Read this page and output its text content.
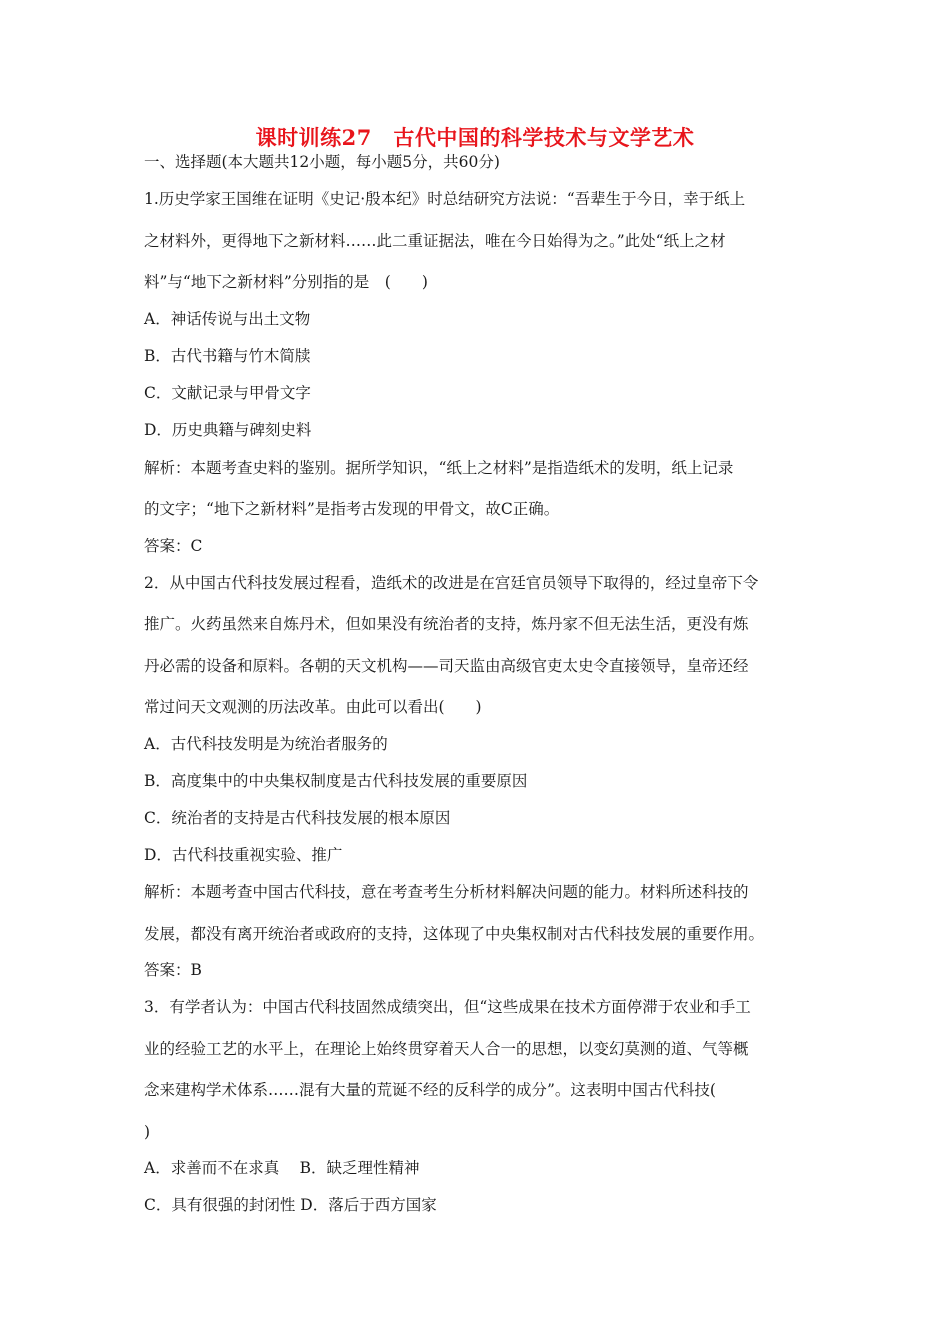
课时训练27　古代中国的科学技术与文学艺术
一、选择题(本大题共12小题，每小题5分，共60分)
1.历史学家王国维在证明《史记·殷本纪》时总结研究方法说：“吾辈生于今日，幸于纸上
之材料外，更得地下之新材料……此二重证据法，唯在今日始得为之。”此处“纸上之材
料”与“地下之新材料”分别指的是　(　　)
A．神话传说与出土文物
B．古代书籍与竹木简牍
C．文献记录与甲骨文字
D．历史典籍与碑刻史料
解析：本题考查史料的鉴别。据所学知识，“纸上之材料”是指造纸术的发明，纸上记录
的文字；“地下之新材料”是指考古发现的甲骨文，故C正确。
答案：C
2．从中国古代科技发展过程看，造纸术的改进是在宫廷官员领导下取得的，经过皇帝下令
推广。火药虽然来自炼丹术，但如果没有统治者的支持，炼丹家不但无法生活，更没有炼
丹必需的设备和原料。各朝的天文机构——司天监由高级官吏太史令直接领导，皇帝还经
常过问天文观测的历法改革。由此可以看出(　　)
A．古代科技发明是为统治者服务的
B．高度集中的中央集权制度是古代科技发展的重要原因
C．统治者的支持是古代科技发展的根本原因
D．古代科技重视实验、推广
解析：本题考查中国古代科技，意在考查考生分析材料解决问题的能力。材料所述科技的
发展，都没有离开统治者或政府的支持，这体现了中央集权制对古代科技发展的重要作用。
答案：B
3．有学者认为：中国古代科技固然成绩突出，但“这些成果在技术方面停滞于农业和手工
业的经验工艺的水平上，在理论上始终贯穿着天人合一的思想，以变幻莫测的道、气等概
念来建构学术体系……混有大量的荒诞不经的反科学的成分”。这表明中国古代科技(
)
A．求善而不在求真　 B．缺乏理性精神
C．具有很强的封闭性 D．落后于西方国家
